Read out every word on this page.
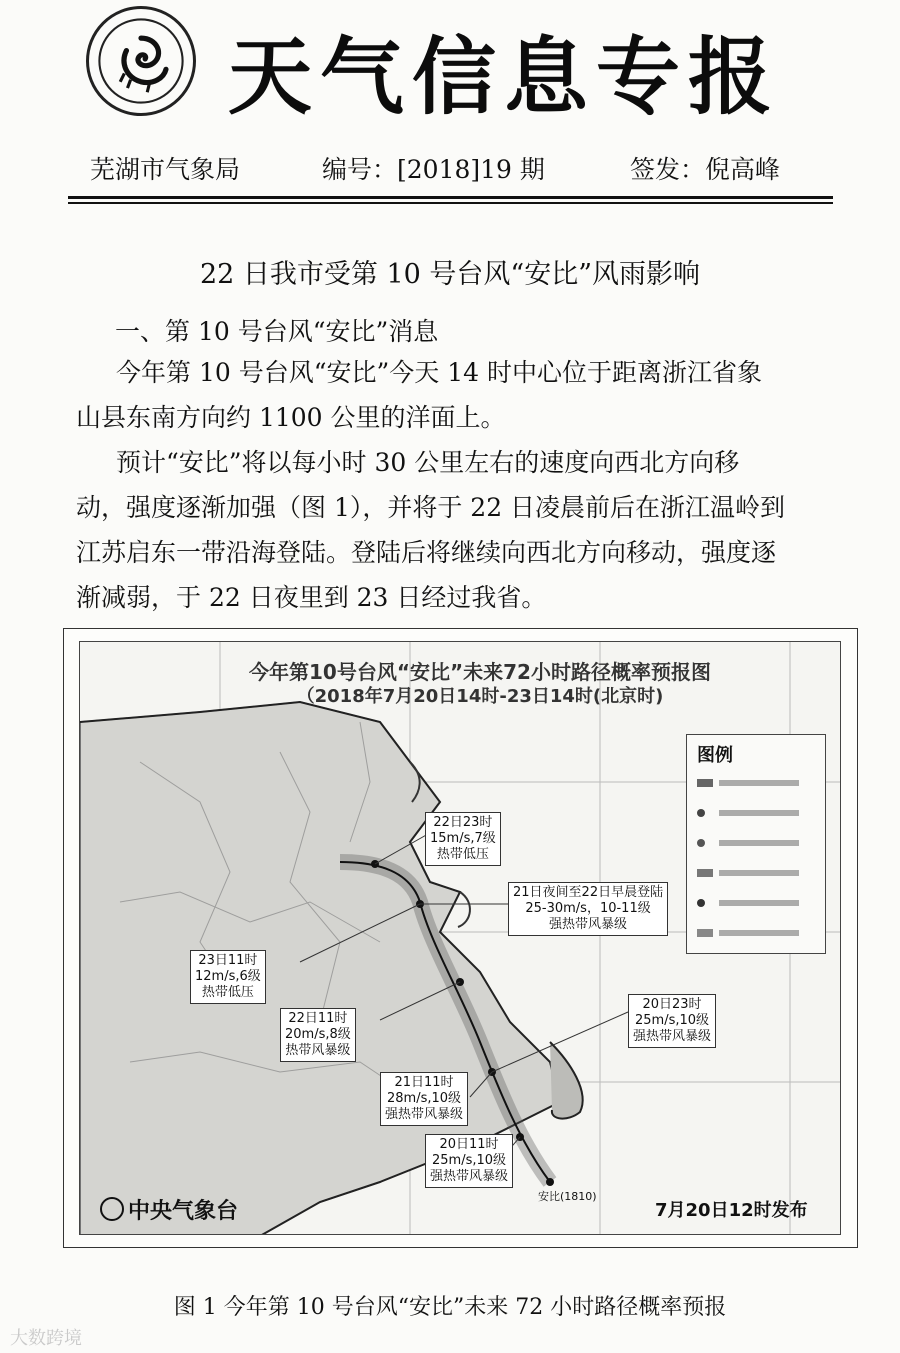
天气信息专报
芜湖市气象局	编号：[2018]19 期	签发：倪高峰
22 日我市受第 10 号台风“安比”风雨影响
一、第 10 号台风“安比”消息
今年第 10 号台风“安比”今天 14 时中心位于距离浙江省象
山县东南方向约 1100 公里的洋面上。
预计“安比”将以每小时 30 公里左右的速度向西北方向移
动，强度逐渐加强（图 1），并将于 22 日凌晨前后在浙江温岭到
江苏启东一带沿海登陆。登陆后将继续向西北方向移动，强度逐
渐减弱，于 22 日夜里到 23 日经过我省。
今年第10号台风“安比”未来72小时路径概率预报图
（2018年7月20日14时-23日14时(北京时)
图例
22日23时
15m/s,7级
热带低压
21日夜间至22日早晨登陆
25-30m/s，10-11级
强热带风暴级
23日11时
12m/s,6级
热带低压
22日11时
20m/s,8级
热带风暴级
20日23时
25m/s,10级
强热带风暴级
21日11时
28m/s,10级
强热带风暴级
20日11时
25m/s,10级
强热带风暴级
安比(1810)
中央气象台	7月20日12时发布
图 1 今年第 10 号台风“安比”未来 72 小时路径概率预报
大数跨境
